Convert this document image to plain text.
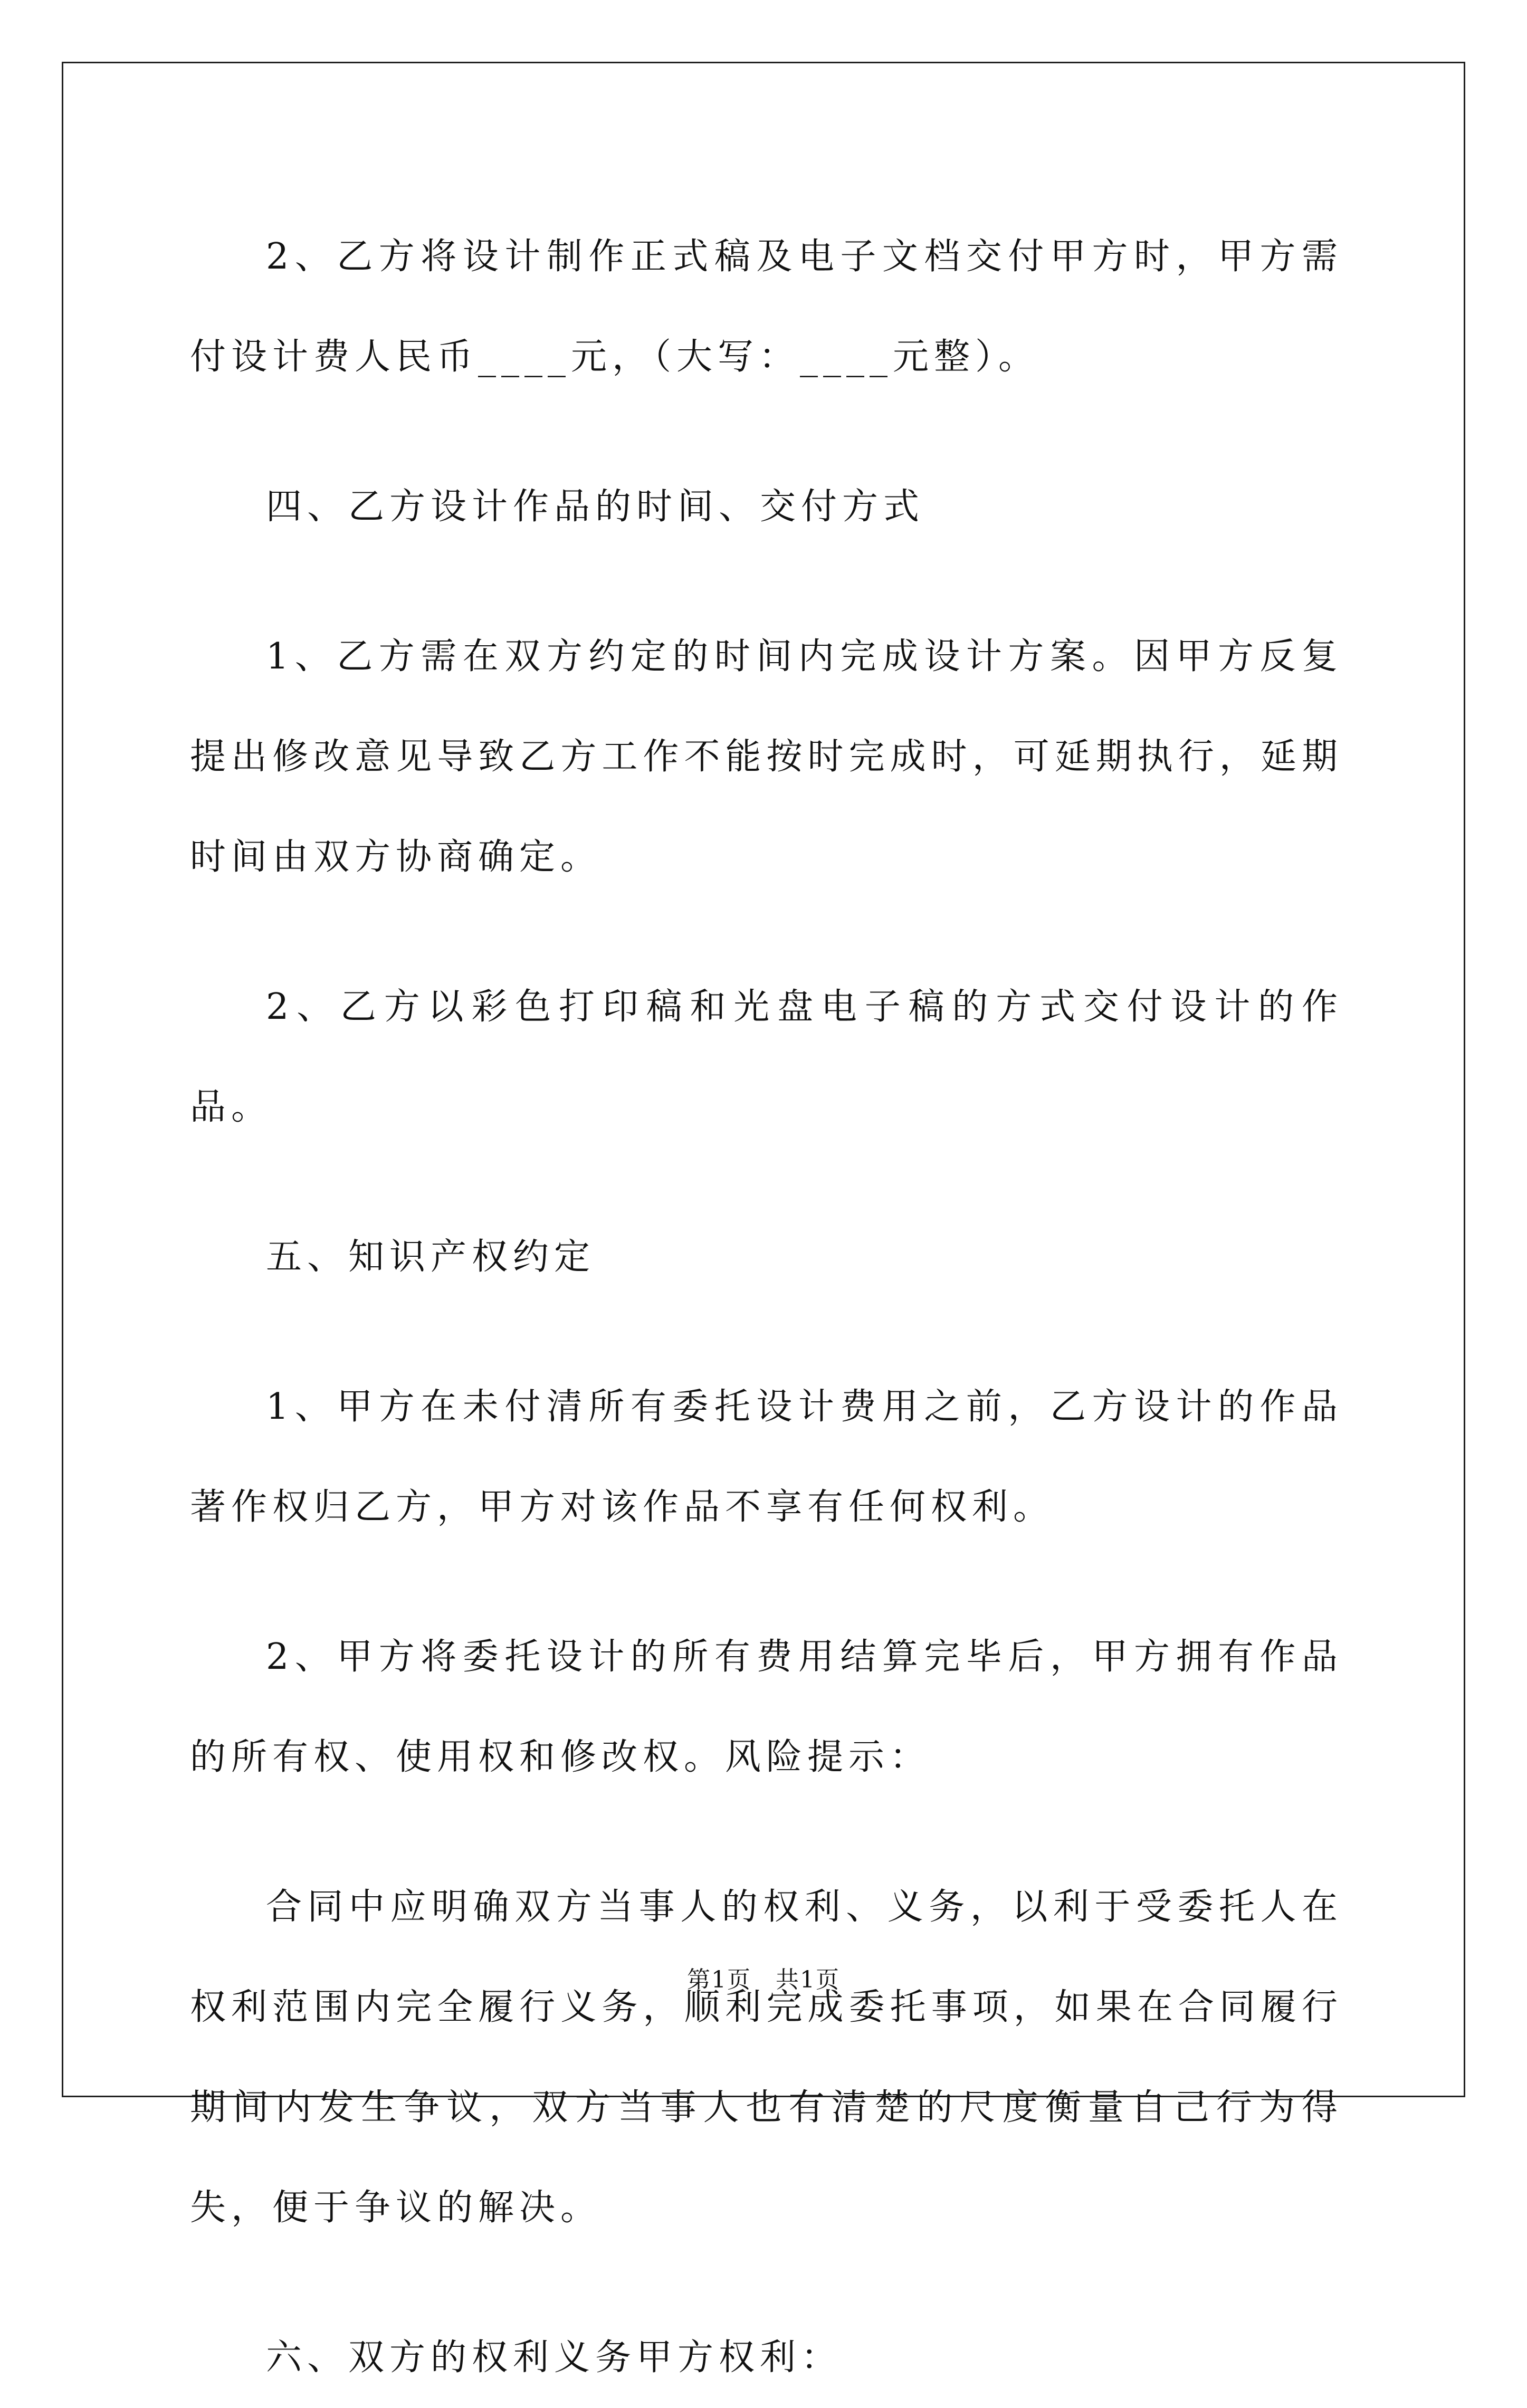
2、乙方将设计制作正式稿及电子文档交付甲方时，甲方需付设计费人民币____元，（大写：____元整）。

四、乙方设计作品的时间、交付方式

1、乙方需在双方约定的时间内完成设计方案。因甲方反复提出修改意见导致乙方工作不能按时完成时，可延期执行，延期时间由双方协商确定。

2、乙方以彩色打印稿和光盘电子稿的方式交付设计的作品。

五、知识产权约定

1、甲方在未付清所有委托设计费用之前，乙方设计的作品著作权归乙方，甲方对该作品不享有任何权利。

2、甲方将委托设计的所有费用结算完毕后，甲方拥有作品的所有权、使用权和修改权。风险提示：

合同中应明确双方当事人的权利、义务，以利于受委托人在权利范围内完全履行义务，顺利完成委托事项，如果在合同履行期间内发生争议，双方当事人也有清楚的尺度衡量自己行为得失，便于争议的解决。

六、双方的权利义务甲方权利：

第1页　共1页
